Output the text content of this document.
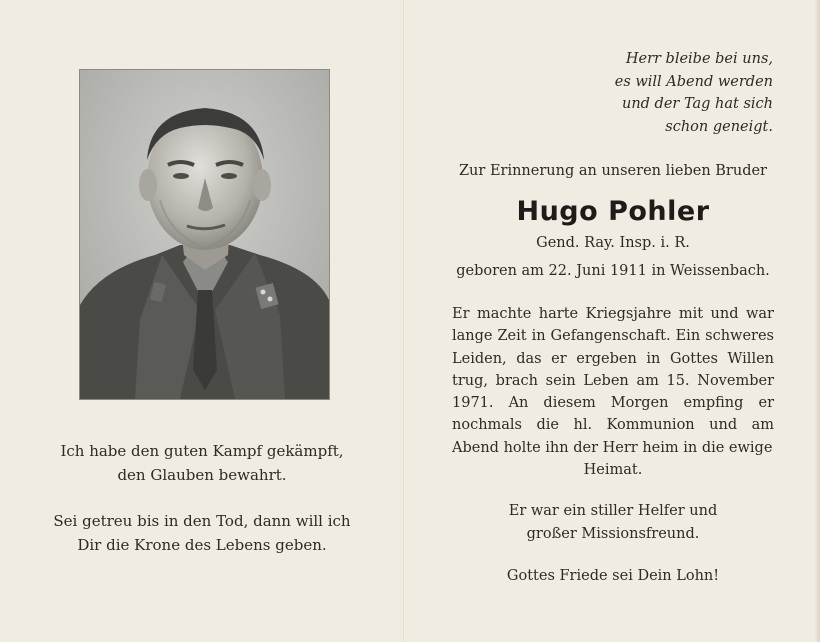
Ich habe den guten Kampf gekämpft,
den Glauben bewahrt.

Sei getreu bis in den Tod, dann will ich
Dir die Krone des Lebens geben.

Herr bleibe bei uns,
es will Abend werden
und der Tag hat sich
schon geneigt.

Zur Erinnerung an unseren lieben Bruder

Hugo Pohler

Gend. Ray. Insp. i. R.

geboren am 22. Juni 1911 in Weissenbach.

Er machte harte Kriegsjahre mit und war lange Zeit in Gefangenschaft. Ein schweres Leiden, das er ergeben in Gottes Willen trug, brach sein Leben am 15. November 1971. An diesem Morgen empfing er nochmals die hl. Kommunion und am Abend holte ihn der Herr heim in die ewige
Heimat.

Er war ein stiller Helfer und
großer Missionsfreund.

Gottes Friede sei Dein Lohn!
